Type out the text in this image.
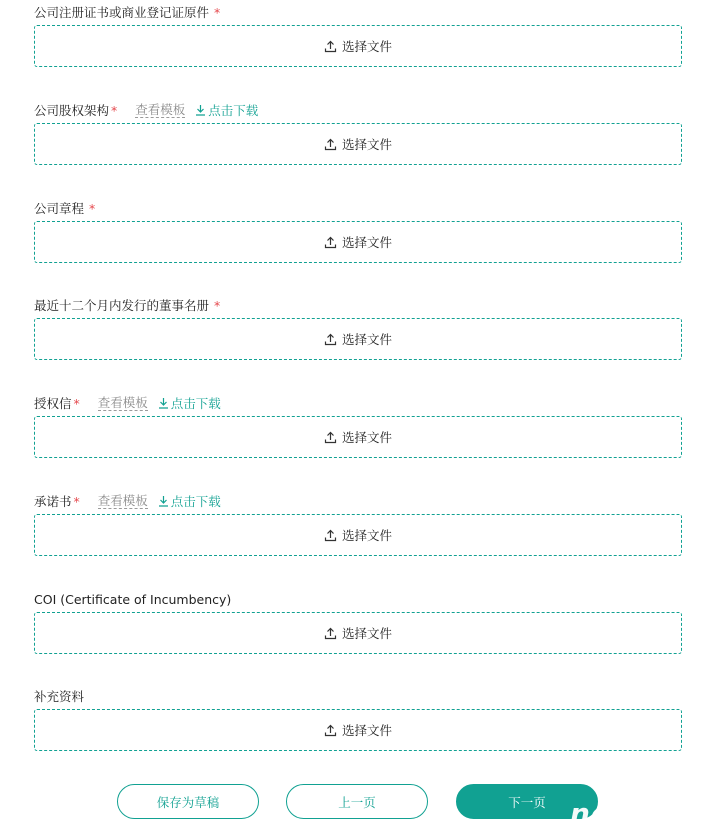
公司注册证书或商业登记证原件 *
选择文件
公司股权架构 * 查看模板 点击下载
选择文件
公司章程 *
选择文件
最近十二个月内发行的董事名册 *
选择文件
授权信 * 查看模板 点击下载
选择文件
承诺书 * 查看模板 点击下载
选择文件
COI (Certificate of Incumbency)
选择文件
补充资料
选择文件
保存为草稿	上一页	下一页 no
